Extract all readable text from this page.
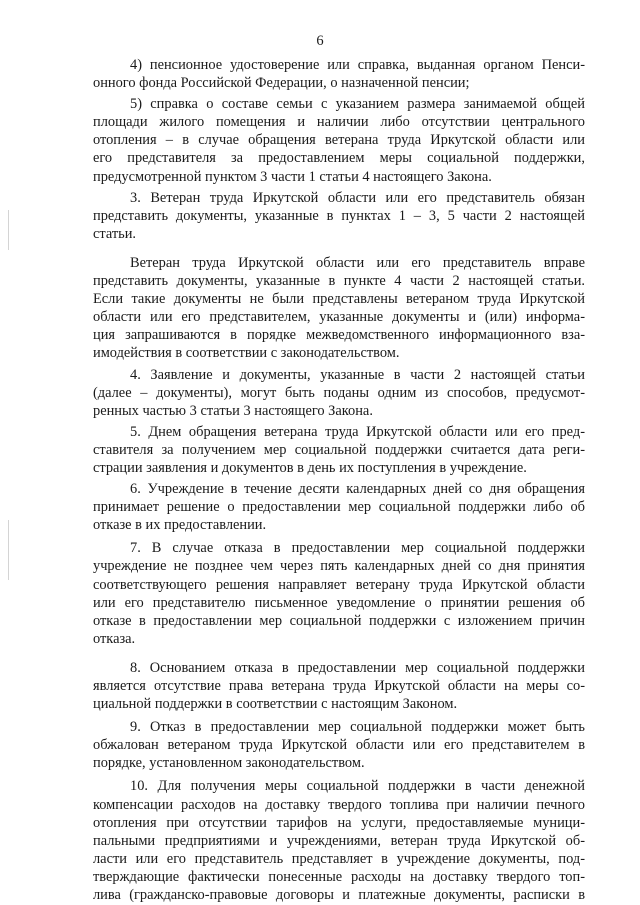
6
4) пенсионное удостоверение или справка, выданная органом Пенси-
онного фонда Российской Федерации, о назначенной пенсии;
5) справка о составе семьи с указанием размера занимаемой общей
площади жилого помещения и наличии либо отсутствии центрального
отопления – в случае обращения ветерана труда Иркутской области или
его представителя за предоставлением меры социальной поддержки,
предусмотренной пунктом 3 части 1 статьи 4 настоящего Закона.
3. Ветеран труда Иркутской области или его представитель обязан
представить документы, указанные в пунктах 1 – 3, 5 части 2 настоящей
статьи.
Ветеран труда Иркутской области или его представитель вправе
представить документы, указанные в пункте 4 части 2 настоящей статьи.
Если такие документы не были представлены ветераном труда Иркутской
области или его представителем, указанные документы и (или) информа-
ция запрашиваются в порядке межведомственного информационного вза-
имодействия в соответствии с законодательством.
4. Заявление и документы, указанные в части 2 настоящей статьи
(далее – документы), могут быть поданы одним из способов, предусмот-
ренных частью 3 статьи 3 настоящего Закона.
5. Днем обращения ветерана труда Иркутской области или его пред-
ставителя за получением мер социальной поддержки считается дата реги-
страции заявления и документов в день их поступления в учреждение.
6. Учреждение в течение десяти календарных дней со дня обращения
принимает решение о предоставлении мер социальной поддержки либо об
отказе в их предоставлении.
7. В случае отказа в предоставлении мер социальной поддержки
учреждение не позднее чем через пять календарных дней со дня принятия
соответствующего решения направляет ветерану труда Иркутской области
или его представителю письменное уведомление о принятии решения об
отказе в предоставлении мер социальной поддержки с изложением причин
отказа.
8. Основанием отказа в предоставлении мер социальной поддержки
является отсутствие права ветерана труда Иркутской области на меры со-
циальной поддержки в соответствии с настоящим Законом.
9. Отказ в предоставлении мер социальной поддержки может быть
обжалован ветераном труда Иркутской области или его представителем в
порядке, установленном законодательством.
10. Для получения меры социальной поддержки в части денежной
компенсации расходов на доставку твердого топлива при наличии печного
отопления при отсутствии тарифов на услуги, предоставляемые муници-
пальными предприятиями и учреждениями, ветеран труда Иркутской об-
ласти или его представитель представляет в учреждение документы, под-
тверждающие фактически понесенные расходы на доставку твердого топ-
лива (гражданско-правовые договоры и платежные документы, расписки в
